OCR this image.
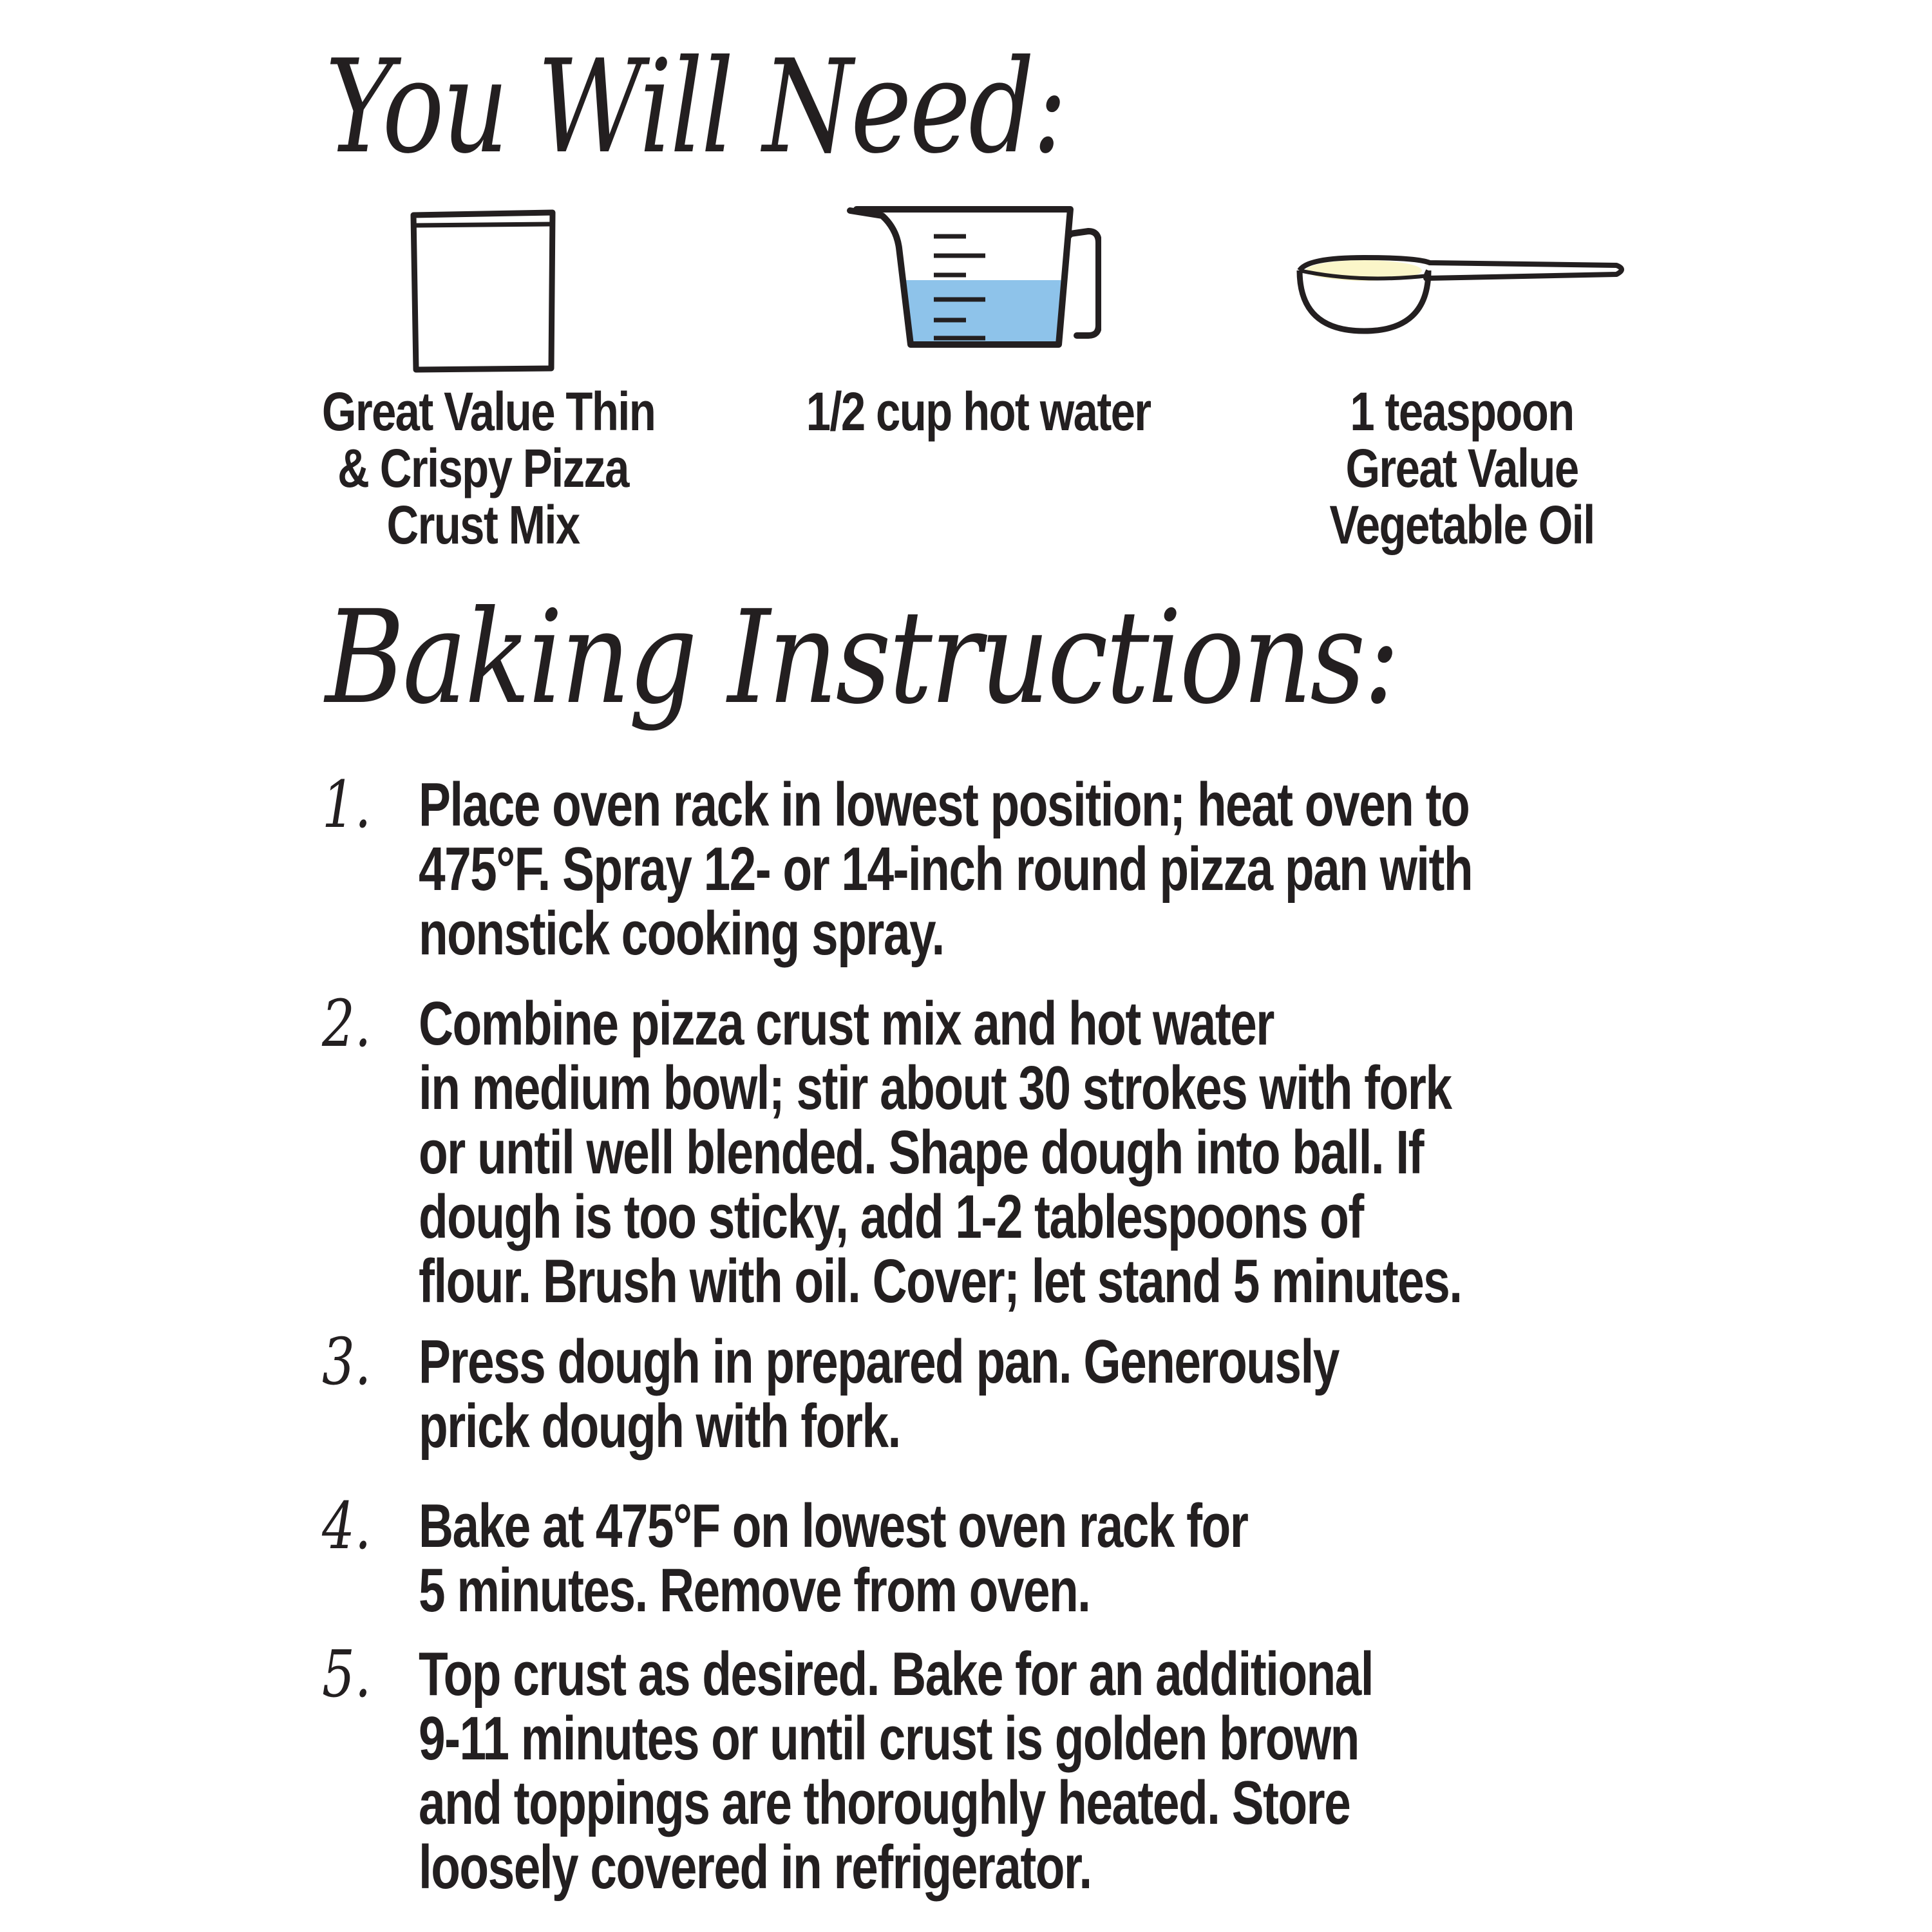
You Will Need:
Great Value Thin
& Crispy Pizza
Crust Mix
1/2 cup hot water	1 teaspoon
Great Value
Vegetable Oil
Baking Instructions:
1. Place oven rack in lowest position; heat oven to
475°F. Spray 12- or 14-inch round pizza pan with
nonstick cooking spray.
2. Combine pizza crust mix and hot water
in medium bowl; stir about 30 strokes with fork
or until well blended. Shape dough into ball. If
dough is too sticky, add 1-2 tablespoons of
flour. Brush with oil. Cover; let stand 5 minutes.
3. Press dough in prepared pan. Generously
prick dough with fork.
4. Bake at 475°F on lowest oven rack for
5 minutes. Remove from oven.
5. Top crust as desired. Bake for an additional
9-11 minutes or until crust is golden brown
and toppings are thoroughly heated. Store
loosely covered in refrigerator.
